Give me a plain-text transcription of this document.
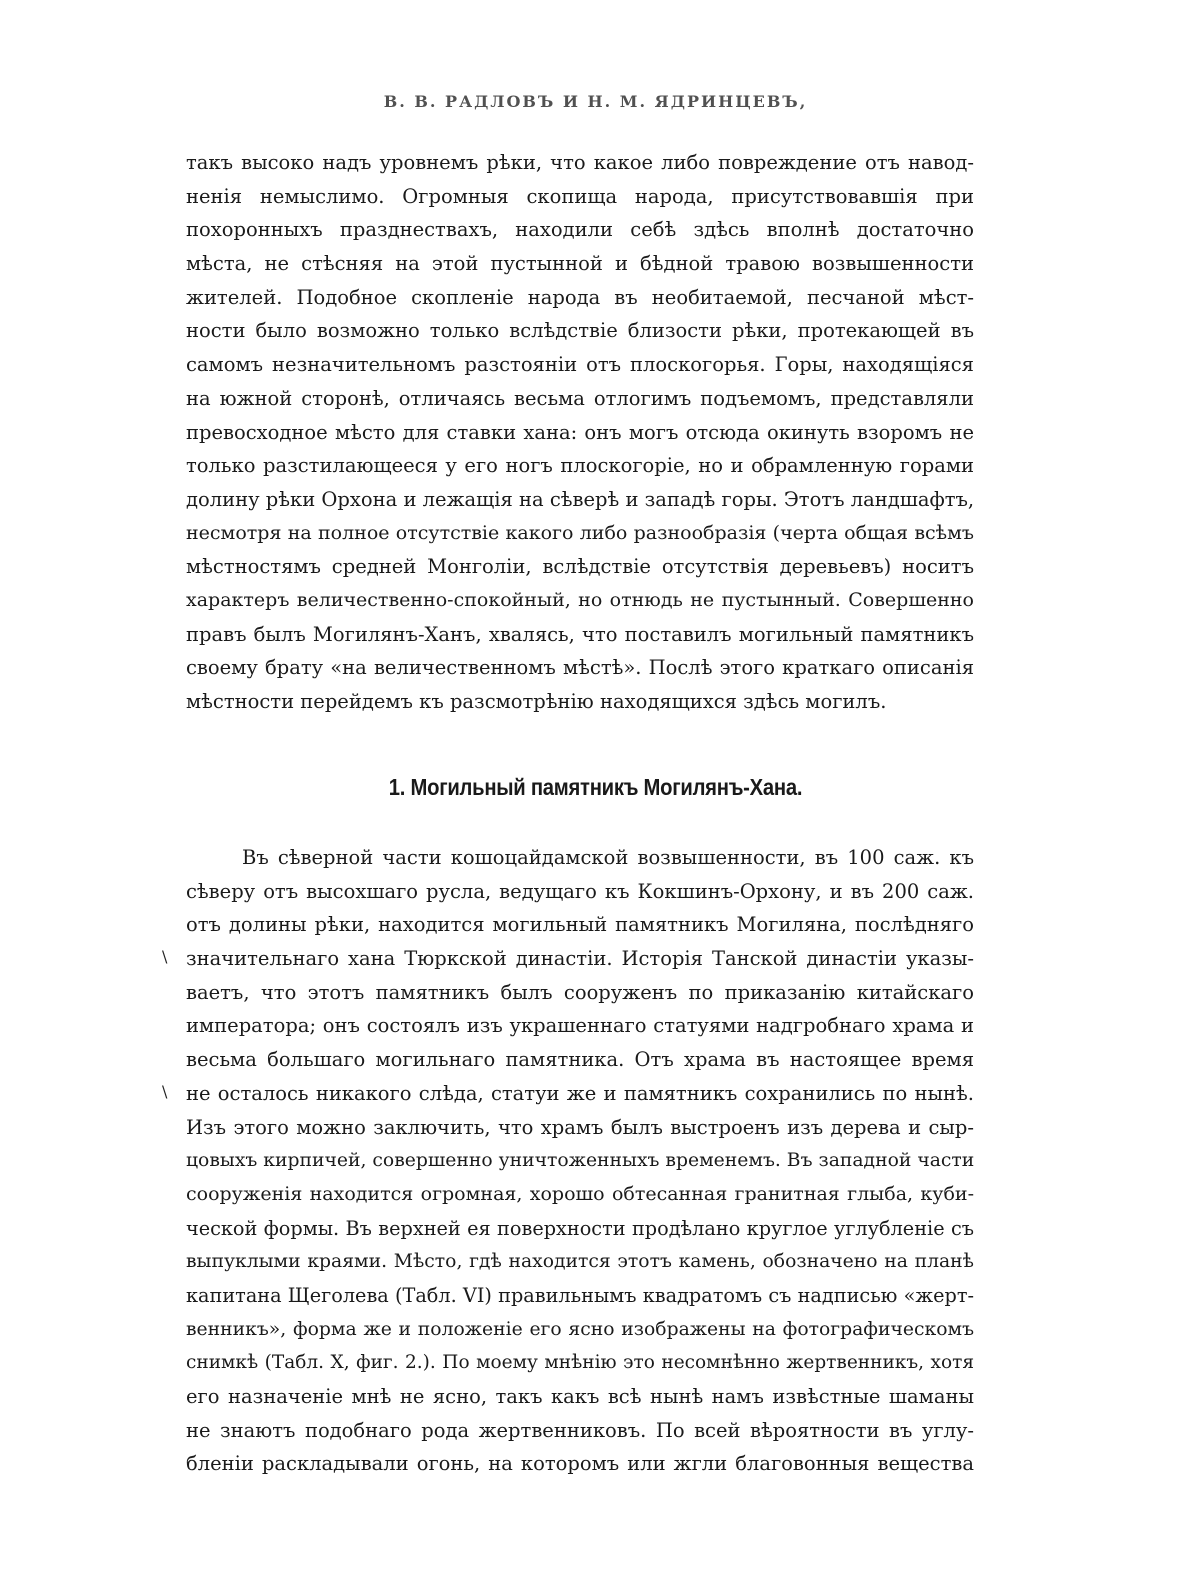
В. В. РАДЛОВЪ И Н. М. ЯДРИНЦЕВЪ,
такъ высоко надъ уровнемъ рѣки, что какое либо повреждение отъ навод-
ненія немыслимо. Огромныя скопища народа, присутствовавшія при
похоронныхъ празднествахъ, находили себѣ здѣсь вполнѣ достаточно
мѣста, не стѣсняя на этой пустынной и бѣдной травою возвышенности
жителей. Подобное скопленіе народа въ необитаемой, песчаной мѣст-
ности было возможно только вслѣдствіе близости рѣки, протекающей въ
самомъ незначительномъ разстояніи отъ плоскогорья. Горы, находящіяся
на южной сторонѣ, отличаясь весьма отлогимъ подъемомъ, представляли
превосходное мѣсто для ставки хана: онъ могъ отсюда окинуть взоромъ не
только разстилающееся у его ногъ плоскогоріе, но и обрамленную горами
долину рѣки Орхона и лежащія на сѣверѣ и западѣ горы. Этотъ ландшафтъ,
несмотря на полное отсутствіе какого либо разнообразія (черта общая всѣмъ
мѣстностямъ средней Монголіи, вслѣдствіе отсутствія деревьевъ) носитъ
характеръ величественно-спокойный, но отнюдь не пустынный. Совершенно
правъ былъ Могилянъ-Ханъ, хвалясь, что поставилъ могильный памятникъ
своему брату «на величественномъ мѣстѣ». Послѣ этого краткаго описанія
мѣстности перейдемъ къ разсмотрѣнію находящихся здѣсь могилъ.
1. Могильный памятникъ Могилянъ-Хана.
\
\
Въ сѣверной части кошоцайдамской возвышенности, въ 100 саж. къ
сѣверу отъ высохшаго русла, ведущаго къ Кокшинъ-Орхону, и въ 200 саж.
отъ долины рѣки, находится могильный памятникъ Могиляна, послѣдняго
значительнаго хана Тюркской династіи. Исторія Танской династіи указы-
ваетъ, что этотъ памятникъ былъ сооруженъ по приказанію китайскаго
императора; онъ состоялъ изъ украшеннаго статуями надгробнаго храма и
весьма большаго могильнаго памятника. Отъ храма въ настоящее время
не осталось никакого слѣда, статуи же и памятникъ сохранились по нынѣ.
Изъ этого можно заключить, что храмъ былъ выстроенъ изъ дерева и сыр-
цовыхъ кирпичей, совершенно уничтоженныхъ временемъ. Въ западной части
сооруженія находится огромная, хорошо обтесанная гранитная глыба, куби-
ческой формы. Въ верхней ея поверхности продѣлано круглое углубленіе съ
выпуклыми краями. Мѣсто, гдѣ находится этотъ камень, обозначено на планѣ
капитана Щеголева (Табл. VI) правильнымъ квадратомъ съ надписью «жерт-
венникъ», форма же и положеніе его ясно изображены на фотографическомъ
снимкѣ (Табл. X, фиг. 2.). По моему мнѣнію это несомнѣнно жертвенникъ, хотя
его назначеніе мнѣ не ясно, такъ какъ всѣ нынѣ намъ извѣстные шаманы
не знаютъ подобнаго рода жертвенниковъ. По всей вѣроятности въ углу-
бленіи раскладывали огонь, на которомъ или жгли благовонныя вещества
